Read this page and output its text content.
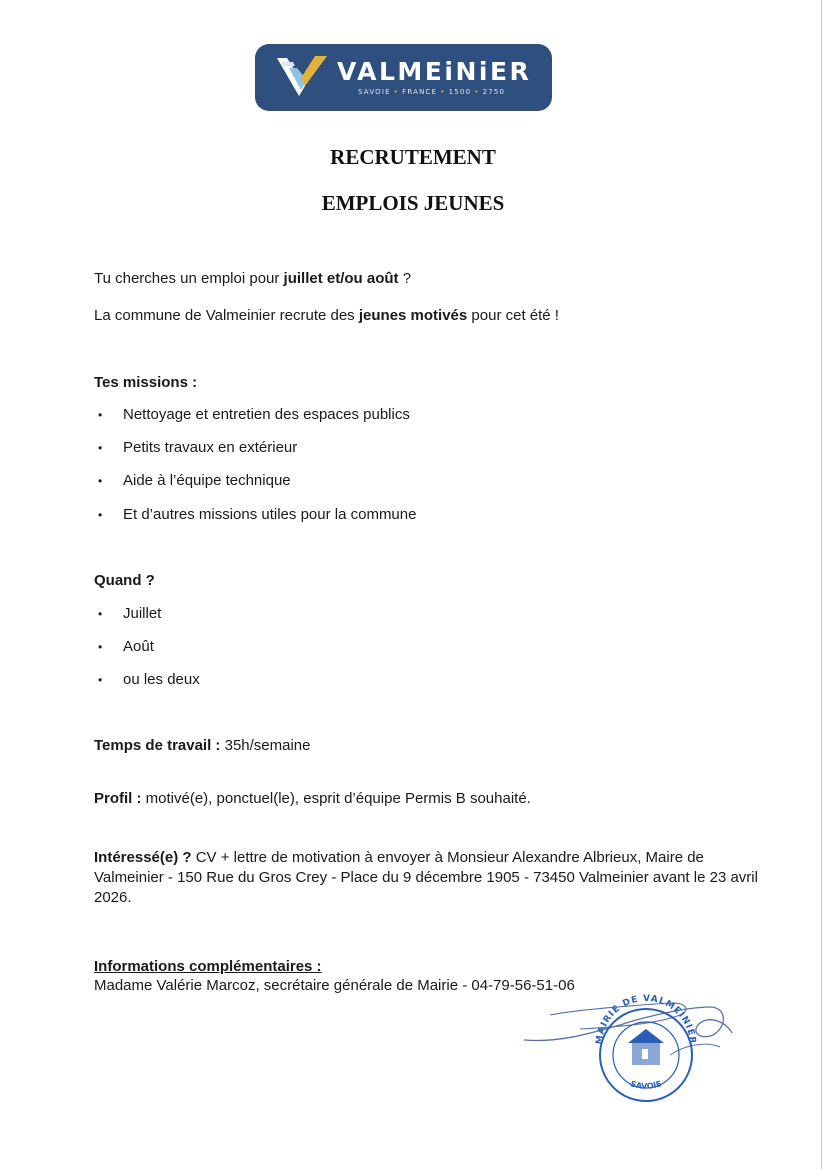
VALMEiNiER
SAVOIE • FRANCE • 1500 • 2750
RECRUTEMENT
EMPLOIS JEUNES
Tu cherches un emploi pour juillet et/ou août ?
La commune de Valmeinier recrute des jeunes motivés pour cet été !
Tes missions :
• Nettoyage et entretien des espaces publics
• Petits travaux en extérieur
• Aide à l’équipe technique
• Et d’autres missions utiles pour la commune
Quand ?
• Juillet
• Août
• ou les deux
Temps de travail : 35h/semaine
Profil : motivé(e), ponctuel(le), esprit d’équipe Permis B souhaité.
Intéressé(e) ? CV + lettre de motivation à envoyer à Monsieur Alexandre Albrieux, Maire de Valmeinier - 150 Rue du Gros Crey - Place du 9 décembre 1905 - 73450 Valmeinier avant le 23 avril 2026.
Informations complémentaires :
Madame Valérie Marcoz, secrétaire générale de Mairie - 04-79-56-51-06
MAIRIE DE VALMEINIER
SAVOIE
